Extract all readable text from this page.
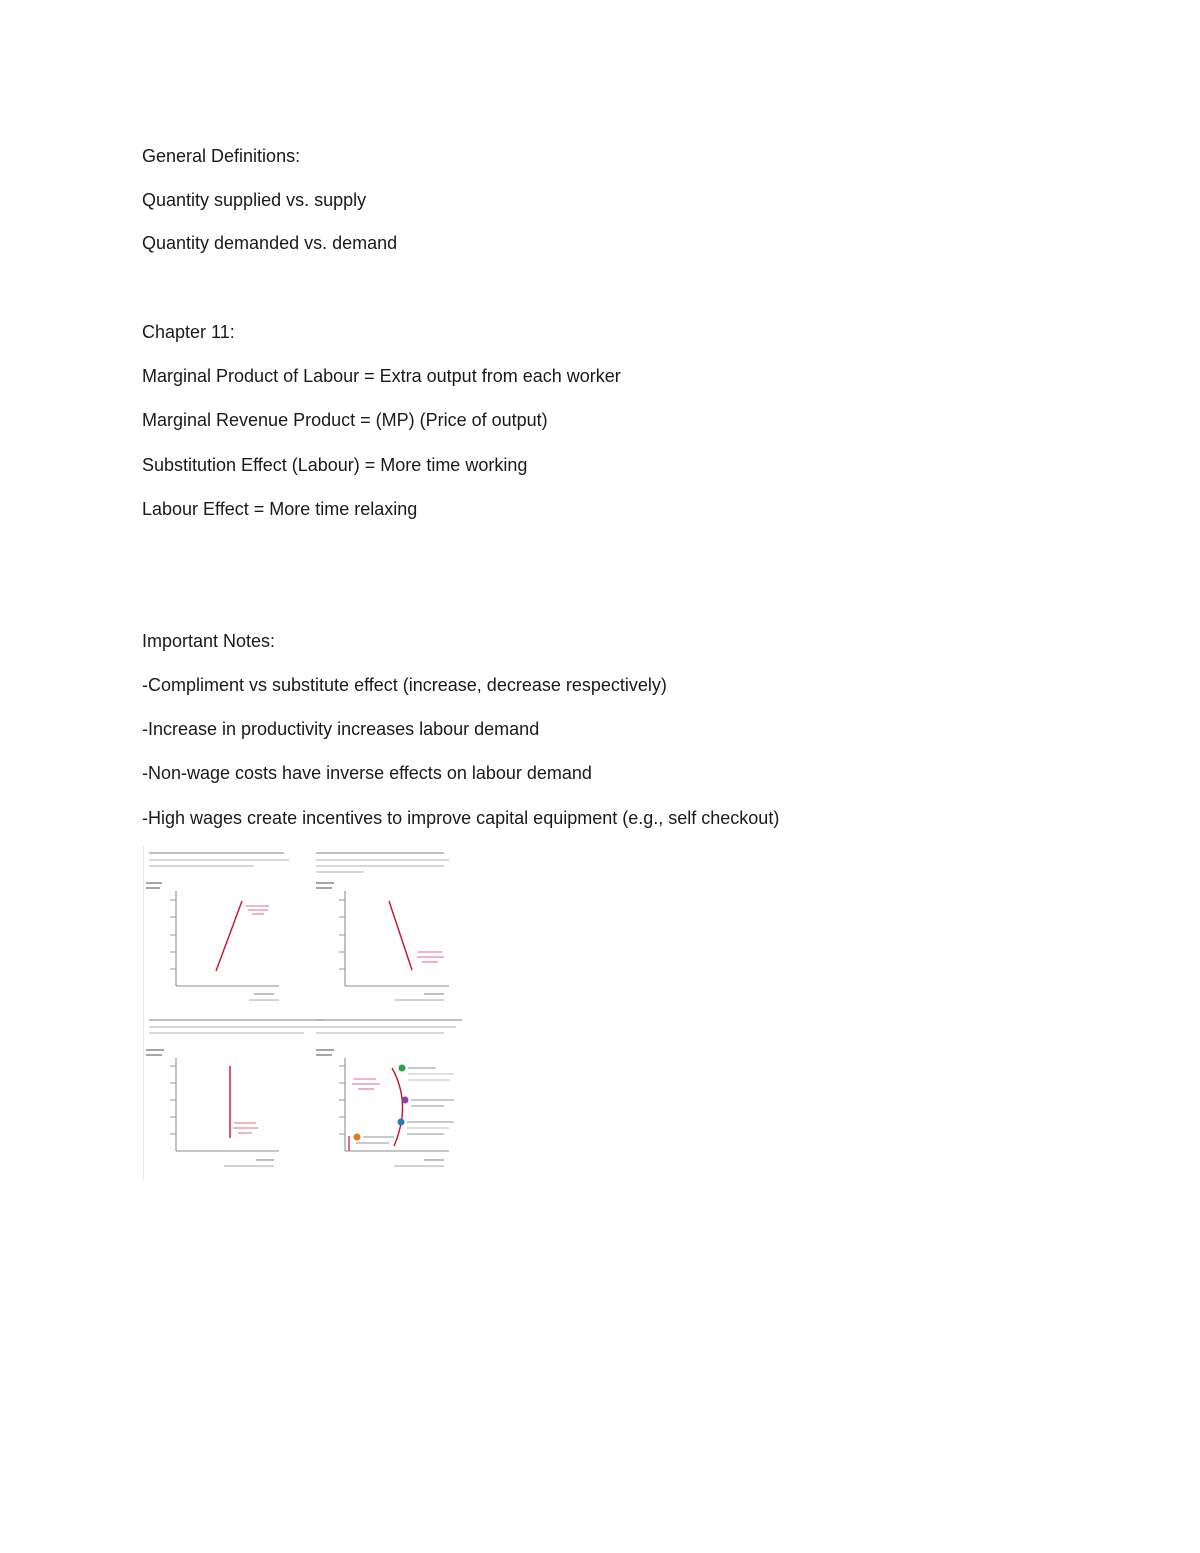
General Definitions:
Quantity supplied vs. supply
Quantity demanded vs. demand
Chapter 11:
Marginal Product of Labour = Extra output from each worker
Marginal Revenue Product = (MP) (Price of output)
Substitution Effect (Labour) = More time working
Labour Effect = More time relaxing
Important Notes:
-Compliment vs substitute effect (increase, decrease respectively)
-Increase in productivity increases labour demand
-Non-wage costs have inverse effects on labour demand
-High wages create incentives to improve capital equipment (e.g., self checkout)
